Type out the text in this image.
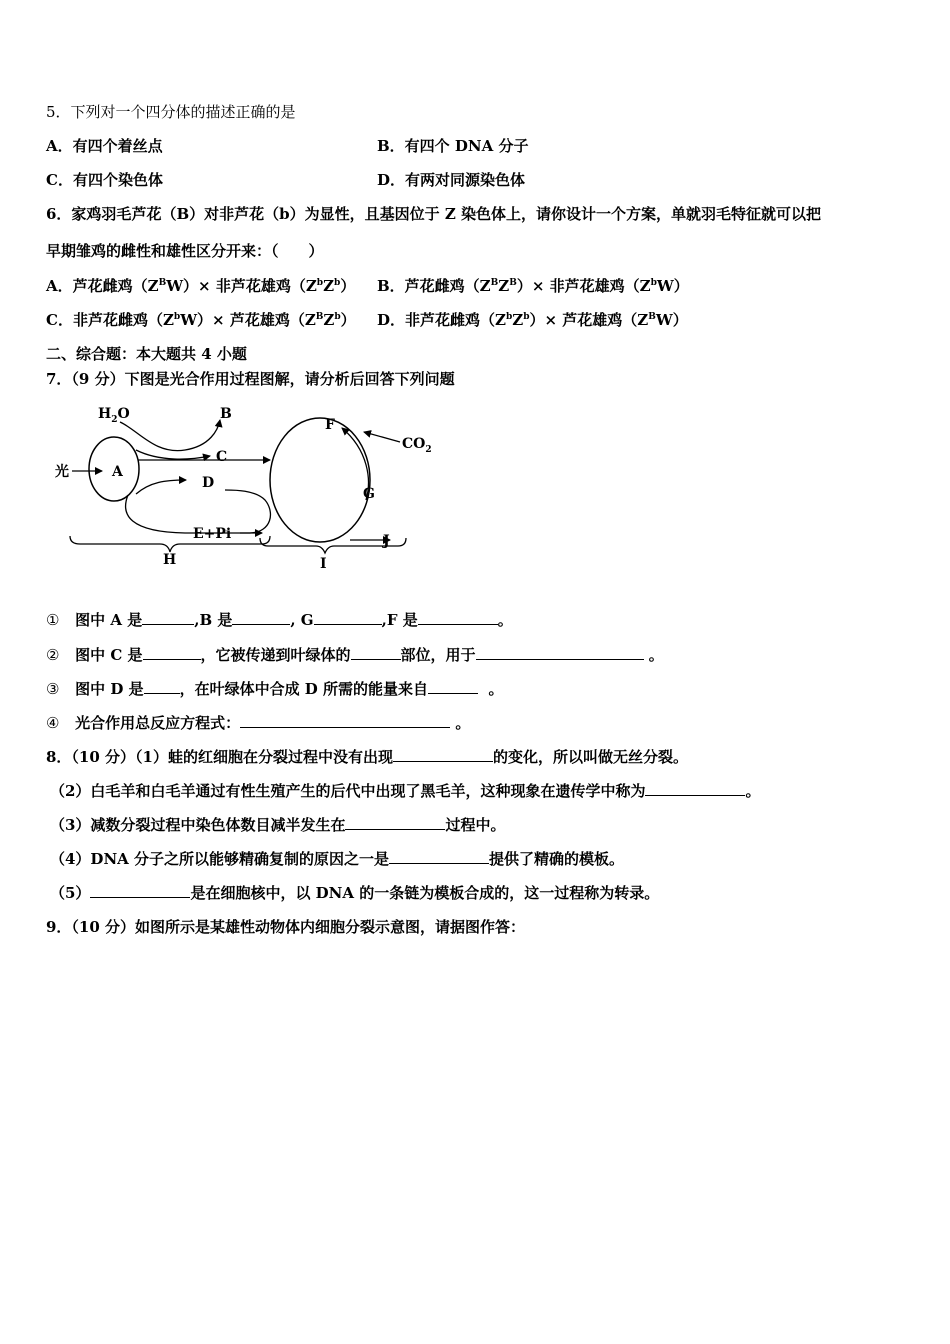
5．下列对一个四分体的描述正确的是
A．有四个着丝点	B．有四个 DNA 分子
C．有四个染色体	D．有两对同源染色体
6．家鸡羽毛芦花（B）对非芦花（b）为显性，且基因位于 Z 染色体上，请你设计一个方案，单就羽毛特征就可以把
早期雏鸡的雌性和雄性区分开来：（　　）
A．芦花雌鸡$(Z^BW)\times$ 非芦花雄鸡$(Z^bZ^b)$ B．芦花雌鸡$(Z^BZ^B)\times$ 非芦花雄鸡$(Z^bW)$
C．非芦花雌鸡$(Z^bW)\times$ 芦花雄鸡$(Z^BZ^b)$ D．非芦花雌鸡$(Z^bZ^b)\times$ 芦花雄鸡$(Z^BW)$
二、综合题：本大题共 4 小题
7．（9 分）下图是光合作用过程图解，请分析后回答下列问题
$H_2O$
光	A
B
C
D
E+Pi
F
G
$CO_2$
J
H	I
① 图中 A 是	,B 是	, G	,F 是	。
② 图中 C 是	，它被传递到叶绿体的	部位，用于	。
③ 图中 D 是 ，在叶绿体中合成 D 所需的能量来自	。
④ 光合作用总反应方程式：	。
8．（10 分）（1）蛙的红细胞在分裂过程中没有出现	的变化，所以叫做无丝分裂。
（2）白毛羊和白毛羊通过有性生殖产生的后代中出现了黑毛羊，这种现象在遗传学中称为	。
（3）减数分裂过程中染色体数目减半发生在	过程中。
（4）DNA 分子之所以能够精确复制的原因之一是	提供了精确的模板。
（5）	是在细胞核中，以 DNA 的一条链为模板合成的，这一过程称为转录。
9．（10 分）如图所示是某雄性动物体内细胞分裂示意图，请据图作答：
